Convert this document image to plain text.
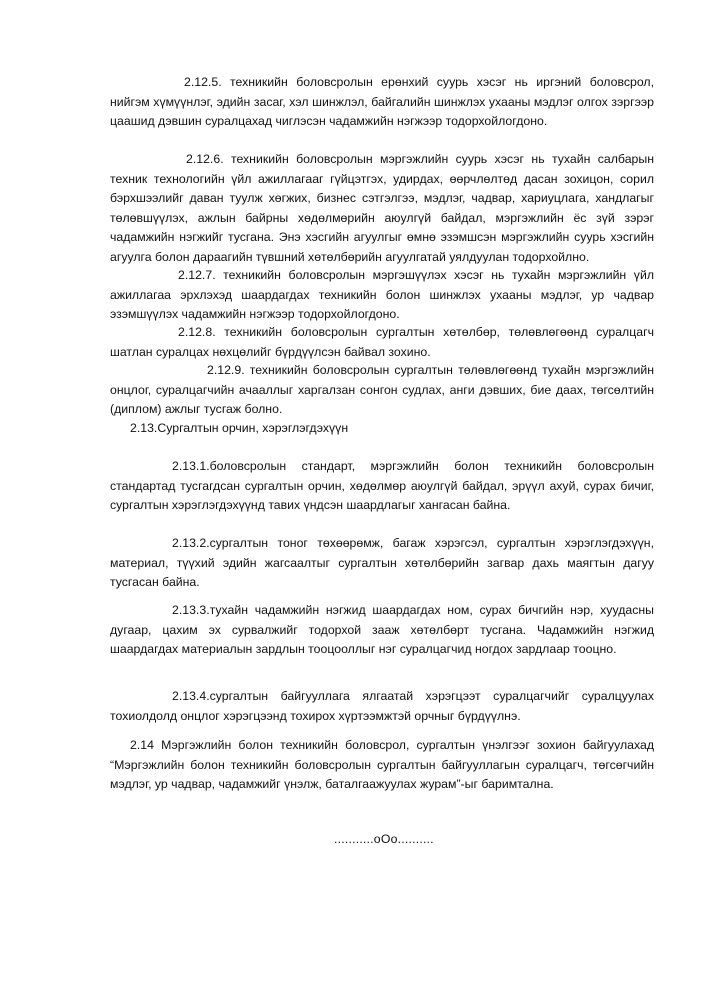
2.12.5. техникийн боловсролын ерөнхий суурь хэсэг нь иргэний боловсрол, нийгэм хүмүүнлэг, эдийн засаг, хэл шинжлэл, байгалийн шинжлэх ухааны мэдлэг олгох зэргээр цаашид дэвшин суралцахад чиглэсэн чадамжийн нэгжээр тодорхойлогдоно.

2.12.6. техникийн боловсролын мэргэжлийн суурь хэсэг нь тухайн салбарын техник технологийн үйл ажиллагааг гүйцэтгэх, удирдах, өөрчлөлтөд дасан зохицон, сорил бэрхшээлийг даван туулж хөгжих, бизнес сэтгэлгээ, мэдлэг, чадвар, хариуцлага, хандлагыг төлөвшүүлэх, ажлын байрны хөдөлмөрийн аюулгүй байдал, мэргэжлийн ёс зүй зэрэг чадамжийн нэгжийг тусгана. Энэ хэсгийн агуулгыг өмнө эзэмшсэн мэргэжлийн суурь хэсгийн агуулга болон дараагийн түвшний хөтөлбөрийн агуулгатай уялдуулан тодорхойлно.

2.12.7. техникийн боловсролын мэргэшүүлэх хэсэг нь тухайн мэргэжлийн үйл ажиллагаа эрхлэхэд шаардагдах техникийн болон шинжлэх ухааны мэдлэг, ур чадвар эзэмшүүлэх чадамжийн нэгжээр тодорхойлогдоно.

2.12.8. техникийн боловсролын сургалтын хөтөлбөр, төлөвлөгөөнд суралцагч шатлан суралцах нөхцөлийг бүрдүүлсэн байвал зохино.

2.12.9. техникийн боловсролын сургалтын төлөвлөгөөнд тухайн мэргэжлийн онцлог, суралцагчийн ачааллыг харгалзан сонгон судлах, анги дэвших, бие даах, төгсөлтийн (диплом) ажлыг тусгаж болно.

2.13.Сургалтын орчин, хэрэглэгдэхүүн

2.13.1.боловсролын стандарт, мэргэжлийн болон техникийн боловсролын стандартад тусгагдсан сургалтын орчин, хөдөлмөр аюулгүй байдал, эрүүл ахуй, сурах бичиг, сургалтын хэрэглэгдэхүүнд тавих үндсэн шаардлагыг хангасан байна.

2.13.2.сургалтын тоног төхөөрөмж, багаж хэрэгсэл, сургалтын хэрэглэгдэхүүн, материал, түүхий эдийн жагсаалтыг сургалтын хөтөлбөрийн загвар дахь маягтын дагуу тусгасан байна.

2.13.3.тухайн чадамжийн нэгжид шаардагдах ном, сурах бичгийн нэр, хуудасны дугаар, цахим эх сурвалжийг тодорхой зааж хөтөлбөрт тусгана. Чадамжийн нэгжид шаардагдах материалын зардлын тооцооллыг нэг суралцагчид ногдох зардлаар тооцно.

2.13.4.сургалтын байгууллага ялгаатай хэрэгцээт суралцагчийг суралцуулах тохиолдолд онцлог хэрэгцээнд тохирох хүртээмжтэй орчныг бүрдүүлнэ.

2.14 Мэргэжлийн болон техникийн боловсрол, сургалтын үнэлгээг зохион байгуулахад “Мэргэжлийн болон техникийн боловсролын сургалтын байгууллагын суралцагч, төгсөгчийн мэдлэг, ур чадвар, чадамжийг үнэлж, баталгаажуулах журам”-ыг баримтална.

...........оОо..........
